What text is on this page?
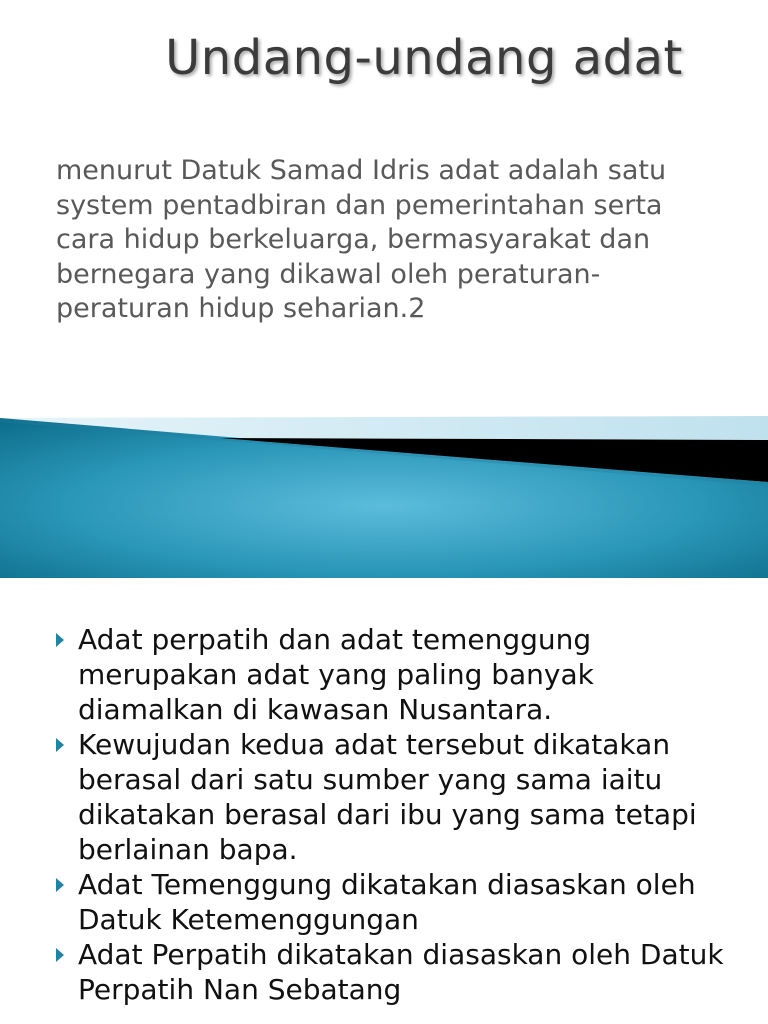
Undang-undang adat

menurut Datuk Samad Idris adat adalah satu
system pentadbiran dan pemerintahan serta
cara hidup berkeluarga, bermasyarakat dan
bernegara yang dikawal oleh peraturan-
peraturan hidup seharian.2

Adat perpatih dan adat temenggung
merupakan adat yang paling banyak
diamalkan di kawasan Nusantara.
Kewujudan kedua adat tersebut dikatakan
berasal dari satu sumber yang sama iaitu
dikatakan berasal dari ibu yang sama tetapi
berlainan bapa.
Adat Temenggung dikatakan diasaskan oleh
Datuk Ketemenggungan
Adat Perpatih dikatakan diasaskan oleh Datuk
Perpatih Nan Sebatang
